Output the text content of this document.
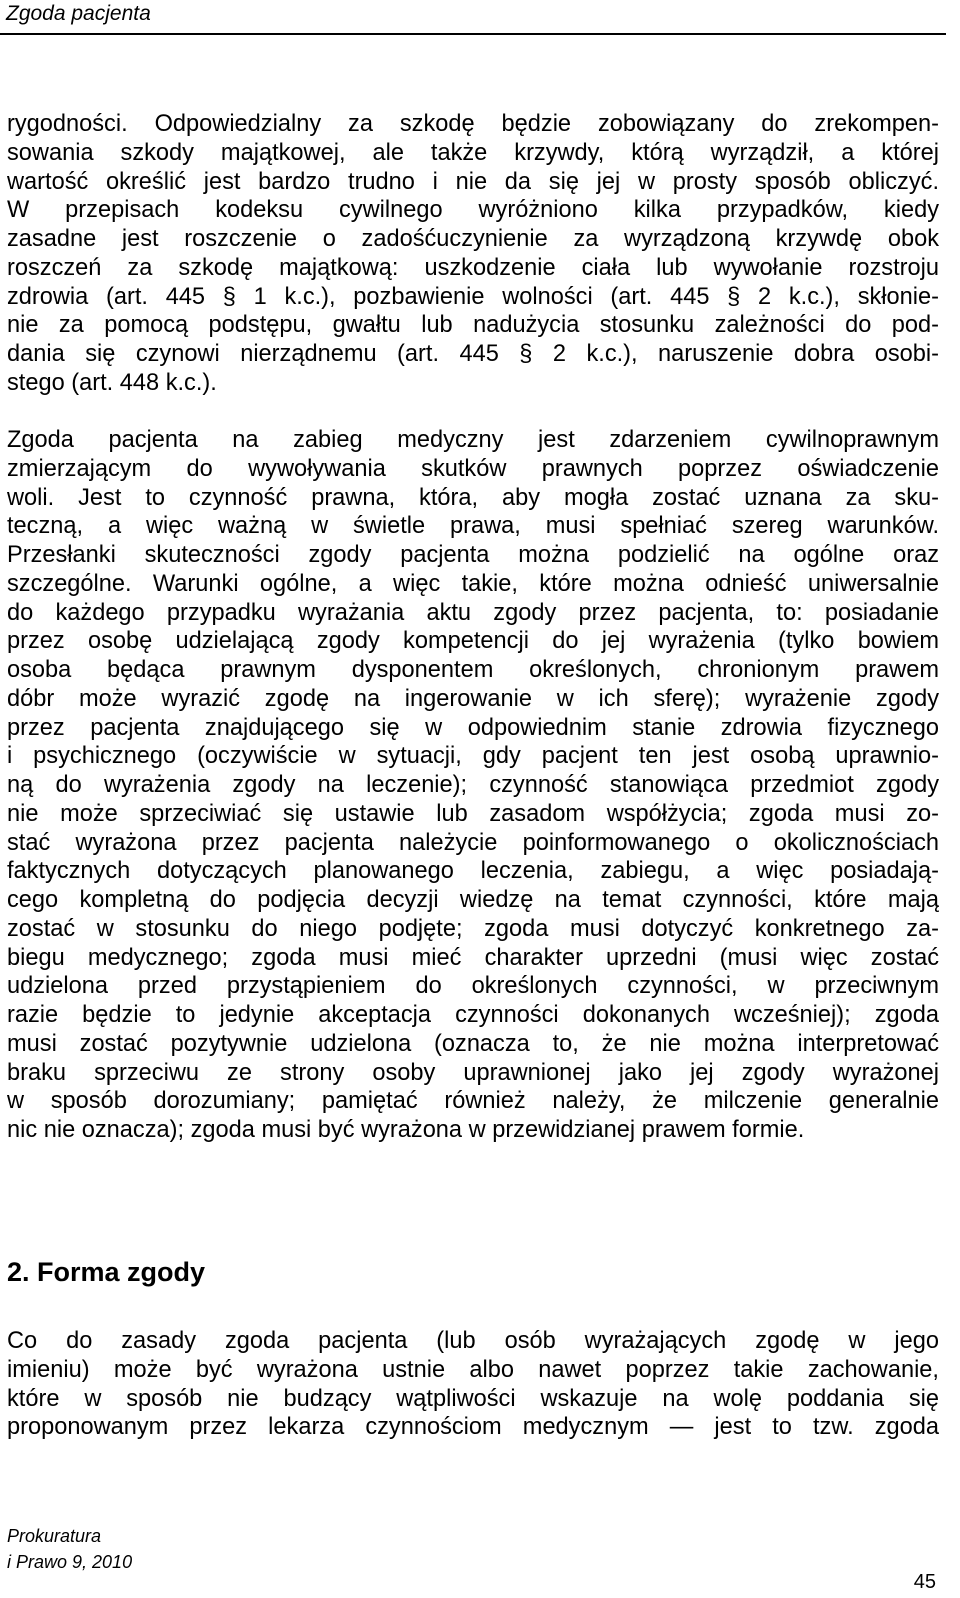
Zgoda pacjenta
rygodności. Odpowiedzialny za szkodę będzie zobowiązany do zrekompen-
sowania szkody majątkowej, ale także krzywdy, którą wyrządził, a której
wartość określić jest bardzo trudno i nie da się jej w prosty sposób obliczyć.
W przepisach kodeksu cywilnego wyróżniono kilka przypadków, kiedy
zasadne jest roszczenie o zadośćuczynienie za wyrządzoną krzywdę obok
roszczeń za szkodę majątkową: uszkodzenie ciała lub wywołanie rozstroju
zdrowia (art. 445 § 1 k.c.), pozbawienie wolności (art. 445 § 2 k.c.), skłonie-
nie za pomocą podstępu, gwałtu lub nadużycia stosunku zależności do pod-
dania się czynowi nierządnemu (art. 445 § 2 k.c.), naruszenie dobra osobi-
stego (art. 448 k.c.).
Zgoda pacjenta na zabieg medyczny jest zdarzeniem cywilnoprawnym
zmierzającym do wywoływania skutków prawnych poprzez oświadczenie
woli. Jest to czynność prawna, która, aby mogła zostać uznana za sku-
teczną, a więc ważną w świetle prawa, musi spełniać szereg warunków.
Przesłanki skuteczności zgody pacjenta można podzielić na ogólne oraz
szczególne. Warunki ogólne, a więc takie, które można odnieść uniwersalnie
do każdego przypadku wyrażania aktu zgody przez pacjenta, to: posiadanie
przez osobę udzielającą zgody kompetencji do jej wyrażenia (tylko bowiem
osoba będąca prawnym dysponentem określonych, chronionym prawem
dóbr może wyrazić zgodę na ingerowanie w ich sferę); wyrażenie zgody
przez pacjenta znajdującego się w odpowiednim stanie zdrowia fizycznego
i psychicznego (oczywiście w sytuacji, gdy pacjent ten jest osobą uprawnio-
ną do wyrażenia zgody na leczenie); czynność stanowiąca przedmiot zgody
nie może sprzeciwiać się ustawie lub zasadom współżycia; zgoda musi zo-
stać wyrażona przez pacjenta należycie poinformowanego o okolicznościach
faktycznych dotyczących planowanego leczenia, zabiegu, a więc posiadają-
cego kompletną do podjęcia decyzji wiedzę na temat czynności, które mają
zostać w stosunku do niego podjęte; zgoda musi dotyczyć konkretnego za-
biegu medycznego; zgoda musi mieć charakter uprzedni (musi więc zostać
udzielona przed przystąpieniem do określonych czynności, w przeciwnym
razie będzie to jedynie akceptacja czynności dokonanych wcześniej); zgoda
musi zostać pozytywnie udzielona (oznacza to, że nie można interpretować
braku sprzeciwu ze strony osoby uprawnionej jako jej zgody wyrażonej
w sposób dorozumiany; pamiętać również należy, że milczenie generalnie
nic nie oznacza); zgoda musi być wyrażona w przewidzianej prawem formie.
2. Forma zgody
Co do zasady zgoda pacjenta (lub osób wyrażających zgodę w jego
imieniu) może być wyrażona ustnie albo nawet poprzez takie zachowanie,
które w sposób nie budzący wątpliwości wskazuje na wolę poddania się
proponowanym przez lekarza czynnościom medycznym — jest to tzw. zgoda
Prokuratura
i Prawo 9, 2010
45
